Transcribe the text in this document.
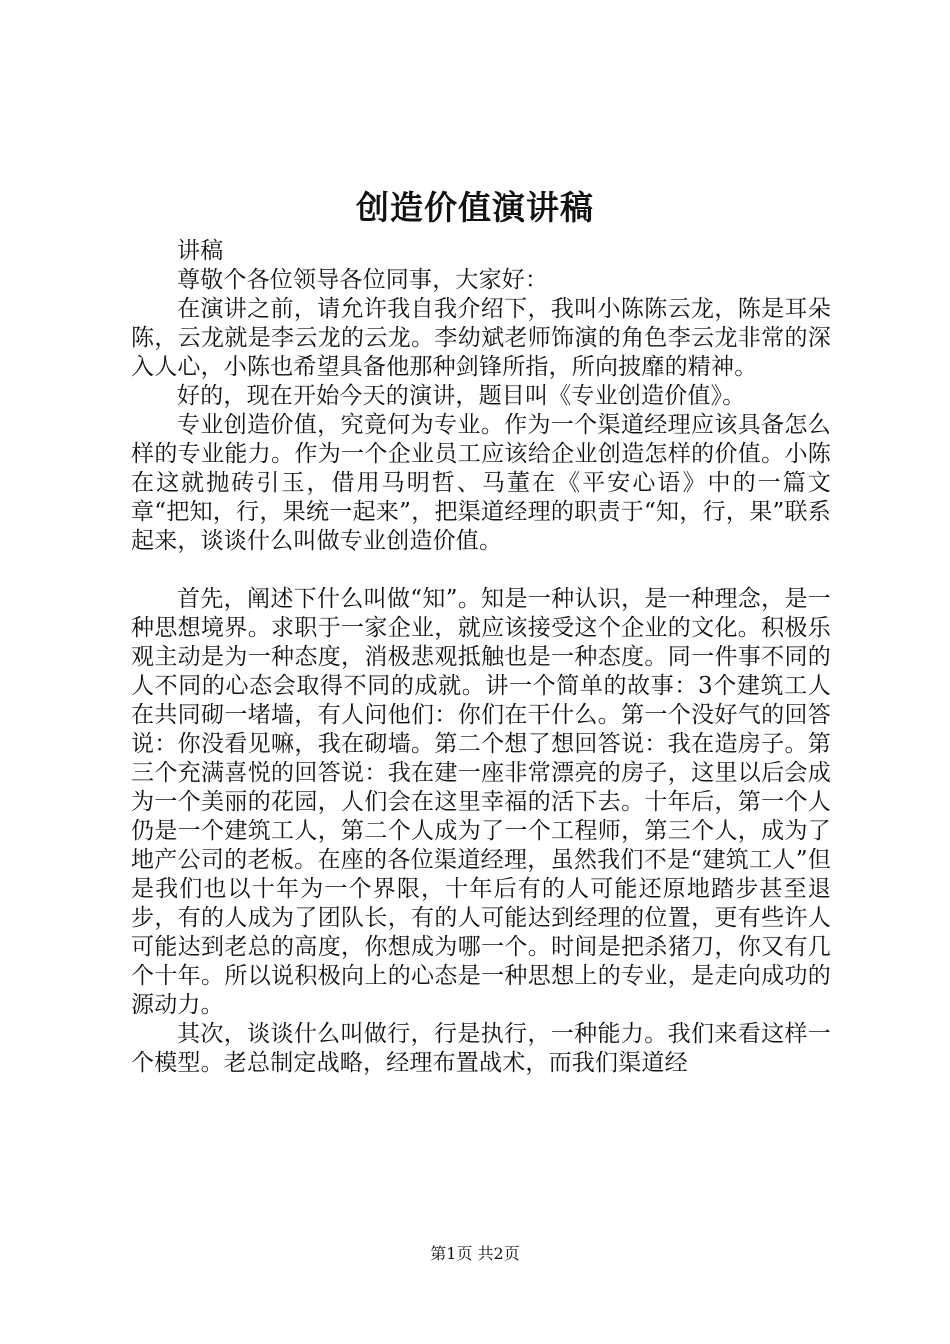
创造价值演讲稿

讲稿

尊敬个各位领导各位同事，大家好：

在演讲之前，请允许我自我介绍下，我叫小陈陈云龙，陈是耳朵陈，云龙就是李云龙的云龙。李幼斌老师饰演的角色李云龙非常的深入人心，小陈也希望具备他那种剑锋所指，所向披靡的精神。

好的，现在开始今天的演讲，题目叫《专业创造价值》。

专业创造价值，究竟何为专业。作为一个渠道经理应该具备怎么样的专业能力。作为一个企业员工应该给企业创造怎样的价值。小陈在这就抛砖引玉，借用马明哲、马董在《平安心语》中的一篇文章“把知，行，果统一起来”，把渠道经理的职责于“知，行，果”联系起来，谈谈什么叫做专业创造价值。

首先，阐述下什么叫做“知”。知是一种认识，是一种理念，是一种思想境界。求职于一家企业，就应该接受这个企业的文化。积极乐观主动是为一种态度，消极悲观抵触也是一种态度。同一件事不同的人不同的心态会取得不同的成就。讲一个简单的故事：3个建筑工人在共同砌一堵墙，有人问他们：你们在干什么。第一个没好气的回答说：你没看见嘛，我在砌墙。第二个想了想回答说：我在造房子。第三个充满喜悦的回答说：我在建一座非常漂亮的房子，这里以后会成为一个美丽的花园，人们会在这里幸福的活下去。十年后，第一个人仍是一个建筑工人，第二个人成为了一个工程师，第三个人，成为了地产公司的老板。在座的各位渠道经理，虽然我们不是“建筑工人”但是我们也以十年为一个界限，十年后有的人可能还原地踏步甚至退步，有的人成为了团队长，有的人可能达到经理的位置，更有些许人可能达到老总的高度，你想成为哪一个。时间是把杀猪刀，你又有几个十年。所以说积极向上的心态是一种思想上的专业，是走向成功的源动力。

其次，谈谈什么叫做行，行是执行，一种能力。我们来看这样一个模型。老总制定战略，经理布置战术，而我们渠道经

第1页 共2页
